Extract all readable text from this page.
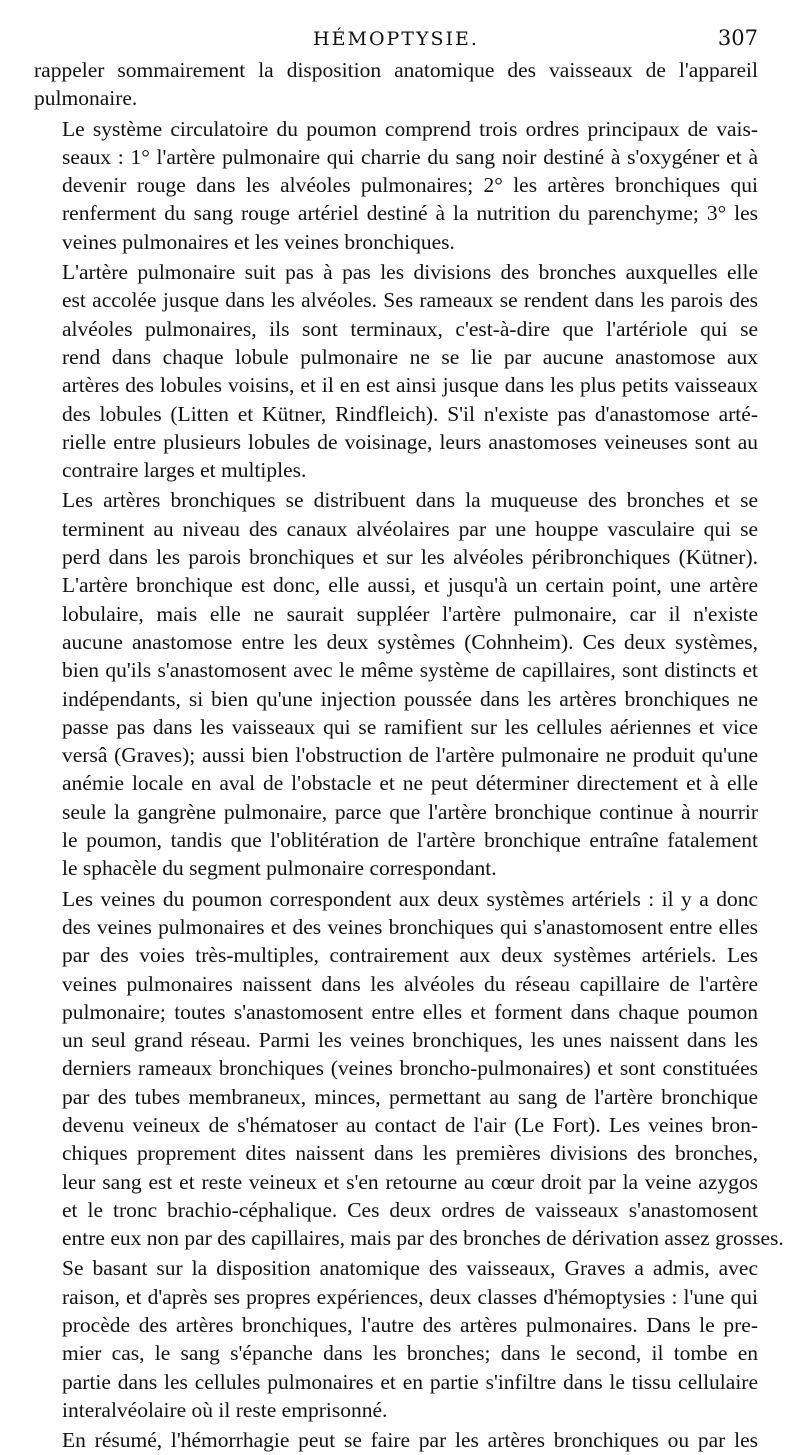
HÉMOPTYSIE.	307
rappeler sommairement la disposition anatomique des vaisseaux de l'appareil
pulmonaire.
Le système circulatoire du poumon comprend trois ordres principaux de vais-
seaux : 1° l'artère pulmonaire qui charrie du sang noir destiné à s'oxygéner et à
devenir rouge dans les alvéoles pulmonaires; 2° les artères bronchiques qui
renferment du sang rouge artériel destiné à la nutrition du parenchyme; 3° les
veines pulmonaires et les veines bronchiques.
L'artère pulmonaire suit pas à pas les divisions des bronches auxquelles elle
est accolée jusque dans les alvéoles. Ses rameaux se rendent dans les parois des
alvéoles pulmonaires, ils sont terminaux, c'est-à-dire que l'artériole qui se
rend dans chaque lobule pulmonaire ne se lie par aucune anastomose aux
artères des lobules voisins, et il en est ainsi jusque dans les plus petits vaisseaux
des lobules (Litten et Kütner, Rindfleich). S'il n'existe pas d'anastomose arté-
rielle entre plusieurs lobules de voisinage, leurs anastomoses veineuses sont au
contraire larges et multiples.
Les artères bronchiques se distribuent dans la muqueuse des bronches et se
terminent au niveau des canaux alvéolaires par une houppe vasculaire qui se
perd dans les parois bronchiques et sur les alvéoles péribronchiques (Kütner).
L'artère bronchique est donc, elle aussi, et jusqu'à un certain point, une artère
lobulaire, mais elle ne saurait suppléer l'artère pulmonaire, car il n'existe
aucune anastomose entre les deux systèmes (Cohnheim). Ces deux systèmes,
bien qu'ils s'anastomosent avec le même système de capillaires, sont distincts et
indépendants, si bien qu'une injection poussée dans les artères bronchiques ne
passe pas dans les vaisseaux qui se ramifient sur les cellules aériennes et vice
versâ (Graves); aussi bien l'obstruction de l'artère pulmonaire ne produit qu'une
anémie locale en aval de l'obstacle et ne peut déterminer directement et à elle
seule la gangrène pulmonaire, parce que l'artère bronchique continue à nourrir
le poumon, tandis que l'oblitération de l'artère bronchique entraîne fatalement
le sphacèle du segment pulmonaire correspondant.
Les veines du poumon correspondent aux deux systèmes artériels : il y a donc
des veines pulmonaires et des veines bronchiques qui s'anastomosent entre elles
par des voies très-multiples, contrairement aux deux systèmes artériels. Les
veines pulmonaires naissent dans les alvéoles du réseau capillaire de l'artère
pulmonaire; toutes s'anastomosent entre elles et forment dans chaque poumon
un seul grand réseau. Parmi les veines bronchiques, les unes naissent dans les
derniers rameaux bronchiques (veines broncho-pulmonaires) et sont constituées
par des tubes membraneux, minces, permettant au sang de l'artère bronchique
devenu veineux de s'hématoser au contact de l'air (Le Fort). Les veines bron-
chiques proprement dites naissent dans les premières divisions des bronches,
leur sang est et reste veineux et s'en retourne au cœur droit par la veine azygos
et le tronc brachio-céphalique. Ces deux ordres de vaisseaux s'anastomosent
entre eux non par des capillaires, mais par des bronches de dérivation assez grosses.
Se basant sur la disposition anatomique des vaisseaux, Graves a admis, avec
raison, et d'après ses propres expériences, deux classes d'hémoptysies : l'une qui
procède des artères bronchiques, l'autre des artères pulmonaires. Dans le pre-
mier cas, le sang s'épanche dans les bronches; dans le second, il tombe en
partie dans les cellules pulmonaires et en partie s'infiltre dans le tissu cellulaire
interalvéolaire où il reste emprisonné.
En résumé, l'hémorrhagie peut se faire par les artères bronchiques ou par les
